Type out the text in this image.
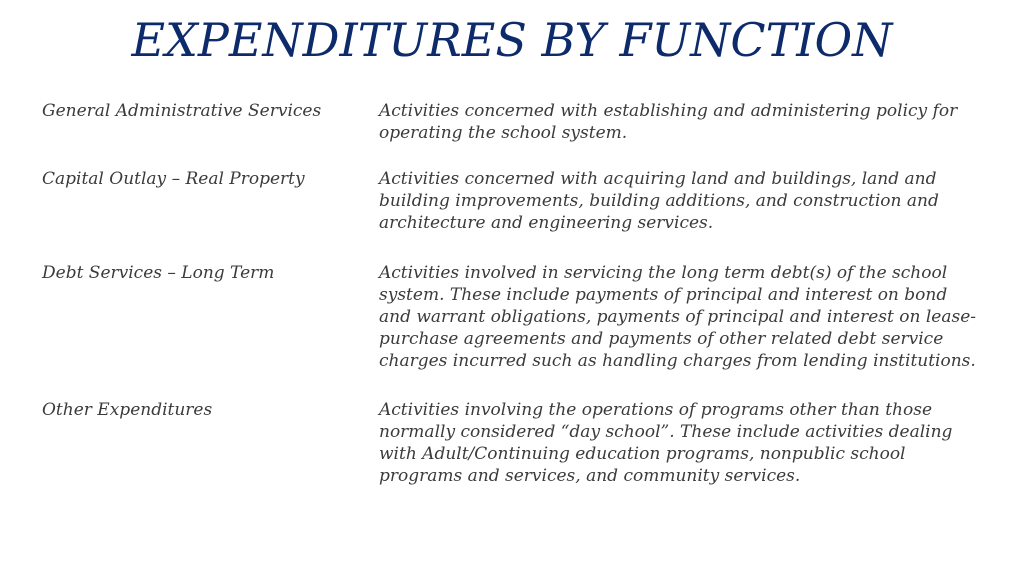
EXPENDITURES BY FUNCTION
General Administrative Services	Activities concerned with establishing and administering policy for
operating the school system.
Capital Outlay – Real Property	Activities concerned with acquiring land and buildings, land and
building improvements, building additions, and construction and
architecture and engineering services.
Debt Services – Long Term	Activities involved in servicing the long term debt(s) of the school
system. These include payments of principal and interest on bond
and warrant obligations, payments of principal and interest on lease-
purchase agreements and payments of other related debt service
charges incurred such as handling charges from lending institutions.
Other Expenditures	Activities involving the operations of programs other than those
normally considered “day school”. These include activities dealing
with Adult/Continuing education programs, nonpublic school
programs and services, and community services.
